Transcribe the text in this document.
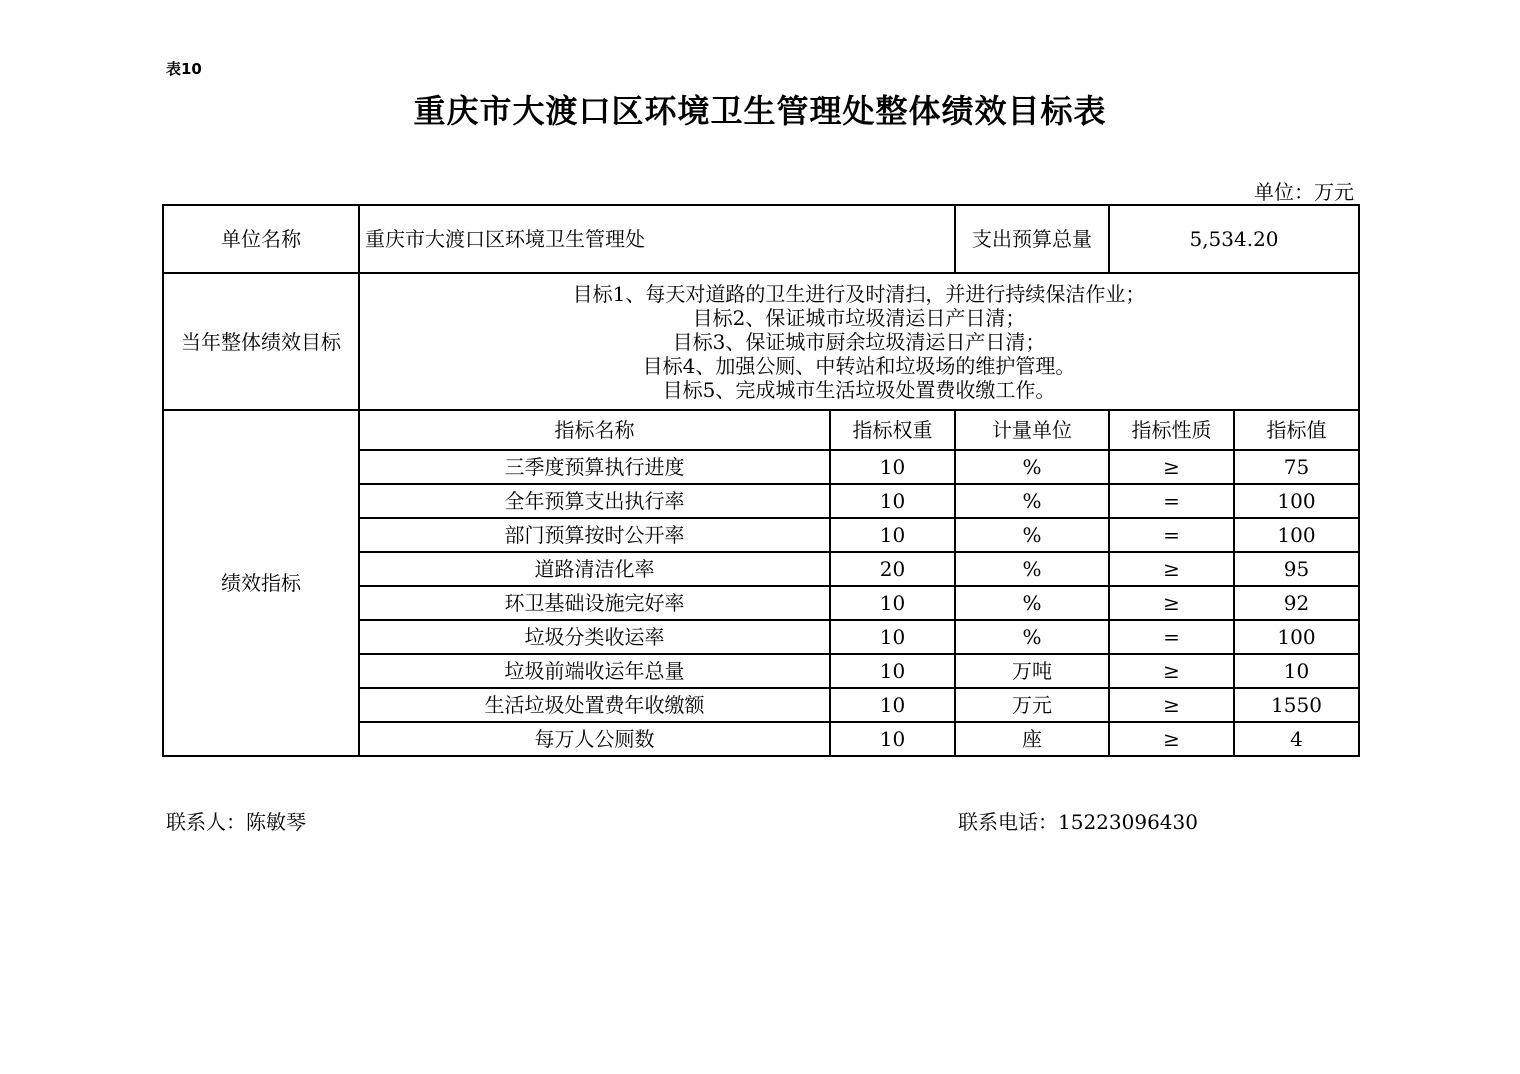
表10
重庆市大渡口区环境卫生管理处整体绩效目标表
单位：万元
单位名称	重庆市大渡口区环境卫生管理处		支出预算总量	5,534.20	
当年整体绩效目标	目标1、每天对道路的卫生进行及时清扫，并进行持续保洁作业；
目标2、保证城市垃圾清运日产日清；
目标3、保证城市厨余垃圾清运日产日清；
目标4、加强公厕、中转站和垃圾场的维护管理。
目标5、完成城市生活垃圾处置费收缴工作。				

绩效指标	指标名称	指标权重	计量单位	指标性质	指标值
	三季度预算执行进度	10	%	≥	75
	全年预算支出执行率	10	%	=	100
	部门预算按时公开率	10	%	=	100
	道路清洁化率	20	%	≥	95
	环卫基础设施完好率	10	%	≥	92
	垃圾分类收运率	10	%	=	100
	垃圾前端收运年总量	10	万吨	≥	10
	生活垃圾处置费年收缴额	10	万元	≥	1550
	每万人公厕数	10	座	≥	4
联系人：陈敏琴	联系电话：15223096430
